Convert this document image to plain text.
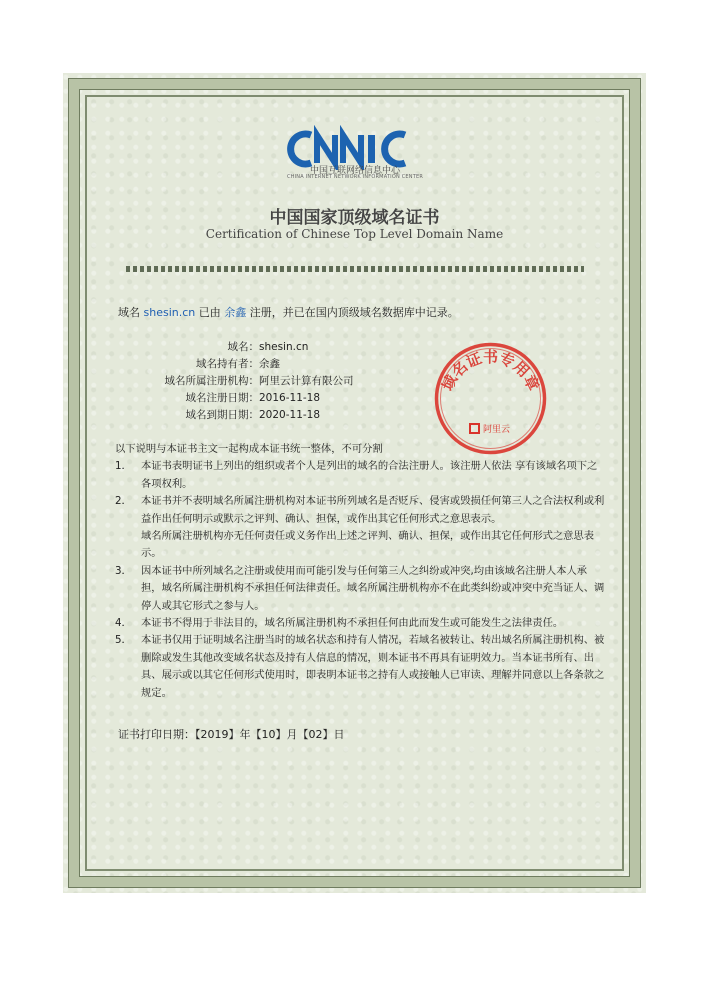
中国互联网络信息中心
CHINA INTERNET NETWORK INFORMATION CENTER
中国国家顶级域名证书
Certification of Chinese Top Level Domain Name
域名 shesin.cn 已由 余鑫 注册，并已在国内顶级域名数据库中记录。
域名： shesin.cn
域名持有者： 余鑫
域名所属注册机构： 阿里云计算有限公司
域名注册日期： 2016-11-18
域名到期日期： 2020-11-18
域名证书专用章
阿里云
以下说明与本证书主文一起构成本证书统一整体，不可分割
1． 本证书表明证书上列出的组织或者个人是列出的域名的合法注册人。该注册人依法 享有该域名项下之各项权利。
2． 本证书并不表明域名所属注册机构对本证书所列域名是否贬斥、侵害或毁损任何第三人之合法权利或利益作出任何明示或默示之评判、确认、担保，或作出其它任何形式之意思表示。
域名所属注册机构亦无任何责任或义务作出上述之评判、确认、担保，或作出其它任何形式之意思表示。
3． 因本证书中所列域名之注册或使用而可能引发与任何第三人之纠纷或冲突,均由该域名注册人本人承担，域名所属注册机构不承担任何法律责任。域名所属注册机构亦不在此类纠纷或冲突中充当证人、调停人或其它形式之参与人。
4． 本证书不得用于非法目的，域名所属注册机构不承担任何由此而发生或可能发生之法律责任。
5． 本证书仅用于证明域名注册当时的域名状态和持有人情况，若域名被转让、转出域名所属注册机构、被删除或发生其他改变域名状态及持有人信息的情况，则本证书不再具有证明效力。当本证书所有、出具、展示或以其它任何形式使用时，即表明本证书之持有人或接触人已审读、理解并同意以上各条款之规定。
证书打印日期：【2019】年【10】月【02】日
